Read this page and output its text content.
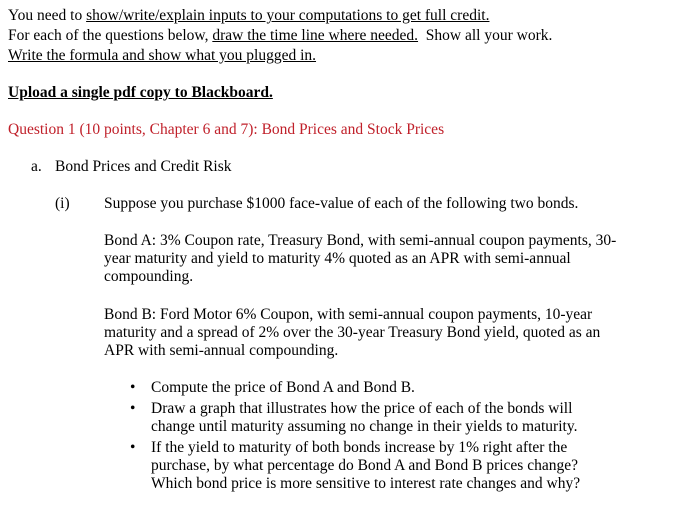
You need to show/write/explain inputs to your computations to get full credit.
For each of the questions below, draw the time line where needed.  Show all your work.
Write the formula and show what you plugged in.
Upload a single pdf copy to Blackboard.
Question 1 (10 points, Chapter 6 and 7): Bond Prices and Stock Prices
a. Bond Prices and Credit Risk
(i) Suppose you purchase $1000 face-value of each of the following two bonds.
Bond A: 3% Coupon rate, Treasury Bond, with semi-annual coupon payments, 30-year maturity and yield to maturity 4% quoted as an APR with semi-annual compounding.
Bond B: Ford Motor 6% Coupon, with semi-annual coupon payments, 10-year maturity and a spread of 2% over the 30-year Treasury Bond yield, quoted as an APR with semi-annual compounding.
• Compute the price of Bond A and Bond B.
• Draw a graph that illustrates how the price of each of the bonds will change until maturity assuming no change in their yields to maturity.
• If the yield to maturity of both bonds increase by 1% right after the purchase, by what percentage do Bond A and Bond B prices change? Which bond price is more sensitive to interest rate changes and why?
